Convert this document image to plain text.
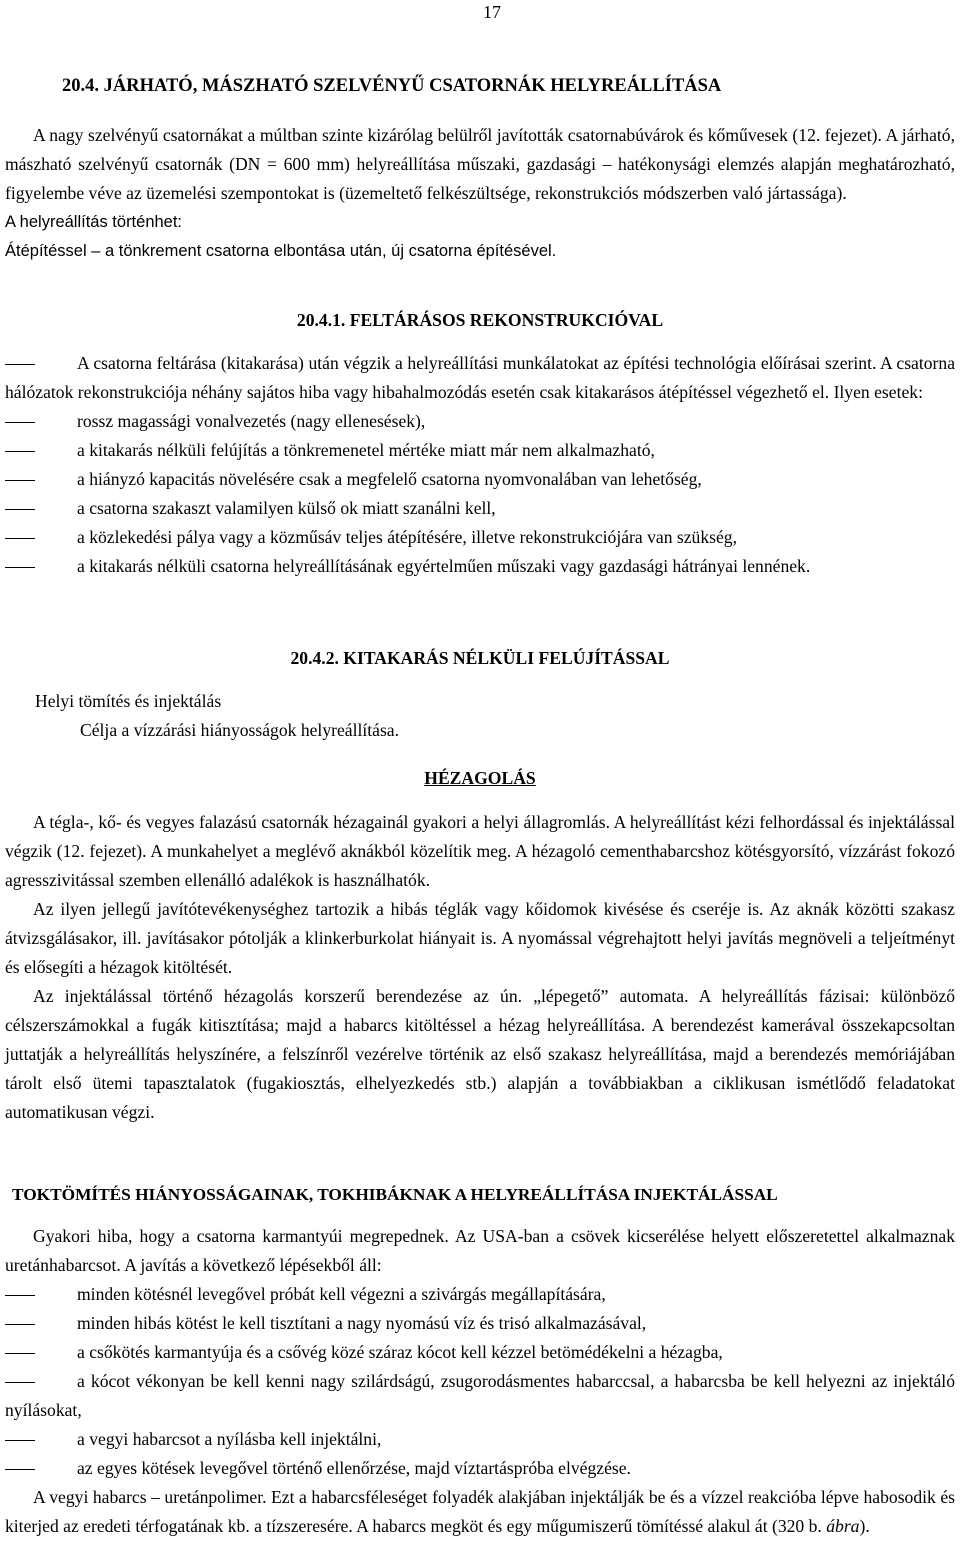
17
20.4. JÁRHATÓ, MÁSZHATÓ SZELVÉNYŰ CSATORNÁK HELYREÁLLÍTÁSA

A nagy szelvényű csatornákat a múltban szinte kizárólag belülről javították csatornabúvárok és kőművesek (12. fejezet). A járható, mászható szelvényű csatornák (DN = 600 mm) helyreállítása műszaki, gazdasági – hatékonysági elemzés alapján meghatározható, figyelembe véve az üzemelési szempontokat is (üzemeltető felkészültsége, rekonstrukciós módszerben való jártassága).

A helyreállítás történhet:

Átépítéssel – a tönkrement csatorna elbontása után, új csatorna építésével.

20.4.1. FELTÁRÁSOS REKONSTRUKCIÓVAL

A csatorna feltárása (kitakarása) után végzik a helyreállítási munkálatokat az építési technológia előírásai szerint. A csatorna hálózatok rekonstrukciója néhány sajátos hiba vagy hibahalmozódás esetén csak kitakarásos átépítéssel végezhető el. Ilyen esetek:

rossz magassági vonalvezetés (nagy ellenesések),
a kitakarás nélküli felújítás a tönkremenetel mértéke miatt már nem alkalmazható,
a hiányzó kapacitás növelésére csak a megfelelő csatorna nyomvonalában van lehetőség,
a csatorna szakaszt valamilyen külső ok miatt szanálni kell,
a közlekedési pálya vagy a közműsáv teljes átépítésére, illetve rekonstrukciójára van szükség,
a kitakarás nélküli csatorna helyreállításának egyértelműen műszaki vagy gazdasági hátrányai lennének.
20.4.2. KITAKARÁS NÉLKÜLI FELÚJÍTÁSSAL

Helyi tömítés és injektálás

Célja a vízzárási hiányosságok helyreállítása.

HÉZAGOLÁS

A tégla-, kő- és vegyes falazású csatornák hézagainál gyakori a helyi állagromlás. A helyreállítást kézi felhordással és injektálással végzik (12. fejezet). A munkahelyet a meglévő aknákból közelítik meg. A hézagoló cementhabarcshoz kötésgyorsító, vízzárást fokozó agresszivitással szemben ellenálló adalékok is használhatók.

Az ilyen jellegű javítótevékenységhez tartozik a hibás téglák vagy kőidomok kivésése és cseréje is. Az aknák közötti szakasz átvizsgálásakor, ill. javításakor pótolják a klinkerburkolat hiányait is. A nyomással végrehajtott helyi javítás megnöveli a teljeítményt és elősegíti a hézagok kitöltését.

Az injektálással történő hézagolás korszerű berendezése az ún. „lépegető” automata. A helyreállítás fázisai: különböző célszerszámokkal a fugák kitisztítása; majd a habarcs kitöltéssel a hézag helyreállítása. A berendezést kamerával összekapcsoltan juttatják a helyreállítás helyszínére, a felszínről vezérelve történik az első szakasz helyreállítása, majd a berendezés memóriájában tárolt első ütemi tapasztalatok (fugakiosztás, elhelyezkedés stb.) alapján a továbbiakban a ciklikusan ismétlődő feladatokat automatikusan végzi.

TOKTÖMÍTÉS HIÁNYOSSÁGAINAK, TOKHIBÁKNAK A HELYREÁLLÍTÁSA INJEKTÁLÁSSAL

Gyakori hiba, hogy a csatorna karmantyúi megrepednek. Az USA-ban a csövek kicserélése helyett előszeretettel alkalmaznak uretánhabarcsot. A javítás a következő lépésekből áll:

minden kötésnél levegővel próbát kell végezni a szivárgás megállapítására,
minden hibás kötést le kell tisztítani a nagy nyomású víz és trisó alkalmazásával,
a csőkötés karmantyúja és a csővég közé száraz kócot kell kézzel betömédékelni a hézagba,
a kócot vékonyan be kell kenni nagy szilárdságú, zsugorodásmentes habarccsal, a habarcsba be kell helyezni az injektáló nyílásokat,
a vegyi habarcsot a nyílásba kell injektálni,
az egyes kötések levegővel történő ellenőrzése, majd víztartáspróba elvégzése.

A vegyi habarcs – uretánpolimer. Ezt a habarcsféleséget folyadék alakjában injektálják be és a vízzel reakcióba lépve habosodik és kiterjed az eredeti térfogatának kb. a tízszeresére. A habarcs megköt és egy műgumiszerű tömítéssé alakul át (320 b. ábra).
